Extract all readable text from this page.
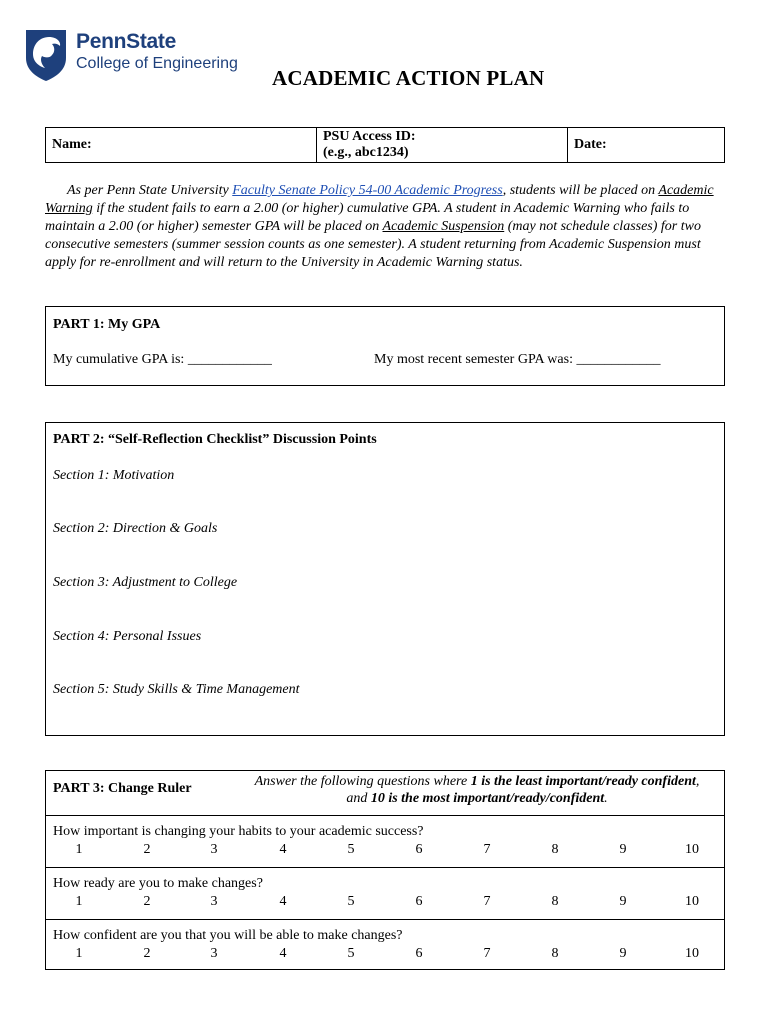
PennState
College of Engineering
ACADEMIC ACTION PLAN
Name:	
PSU Access ID:
(e.g., abc1234)
	Date:
As per Penn State University Faculty Senate Policy 54-00 Academic Progress, students will be placed on Academic Warning if the student fails to earn a 2.00 (or higher) cumulative GPA. A student in Academic Warning who fails to maintain a 2.00 (or higher) semester GPA will be placed on Academic Suspension (may not schedule classes) for two consecutive semesters (summer session counts as one semester). A student returning from Academic Suspension must apply for re-enrollment and will return to the University in Academic Warning status.
PART 1: My GPA
My cumulative GPA is: ____________	My most recent semester GPA was: ____________
PART 2: “Self-Reflection Checklist” Discussion Points
Section 1: Motivation
Section 2: Direction & Goals
Section 3: Adjustment to College
Section 4: Personal Issues
Section 5: Study Skills & Time Management
PART 3: Change Ruler	Answer the following questions where 1 is the least important/ready confident,
and 10 is the most important/ready/confident.
How important is changing your habits to your academic success?
1	2	3	4	5	6	7	8	9	10
How ready are you to make changes?
1	2	3	4	5	6	7	8	9	10
How confident are you that you will be able to make changes?
1	2	3	4	5	6	7	8	9	10
